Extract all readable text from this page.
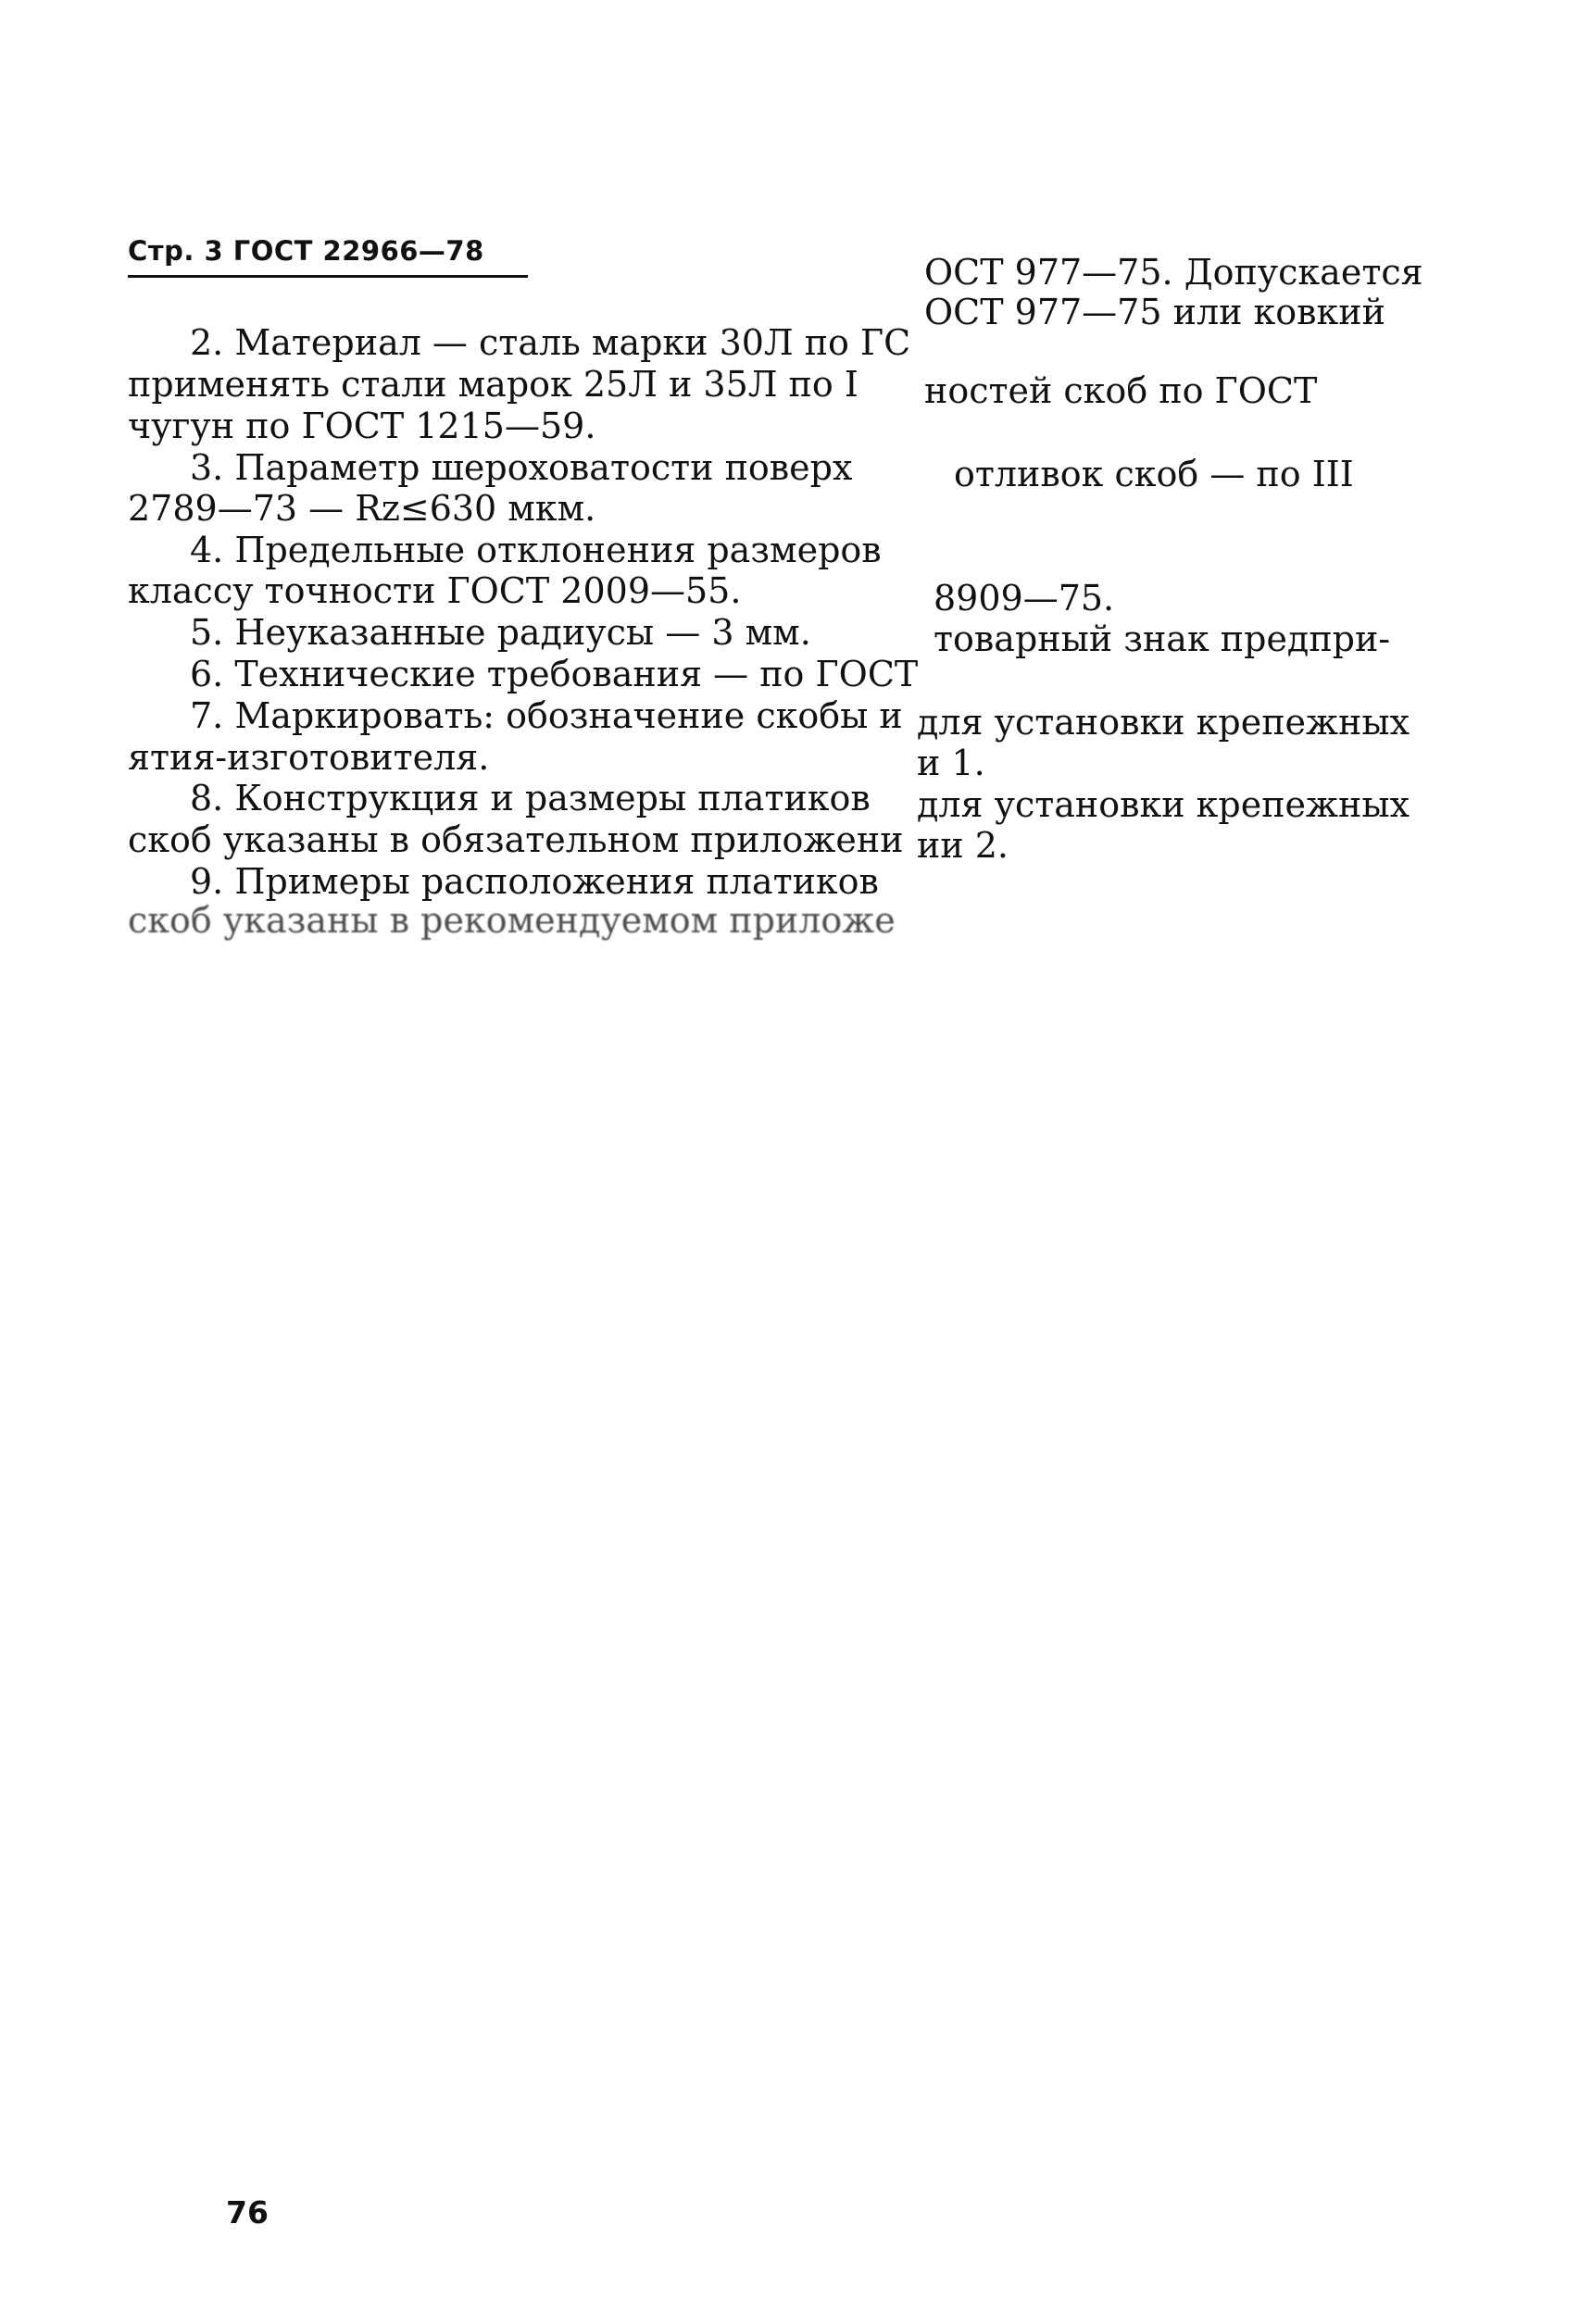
Стр. 3 ГОСТ 22966—78
2. Материал — сталь марки 30Л по ГС
применять стали марок 25Л и 35Л по І
чугун по ГОСТ 1215—59.
3. Параметр шероховатости поверх
2789—73 — Rz≤630 мкм.
4. Предельные отклонения размеров
классу точности ГОСТ 2009—55.
5. Неуказанные радиусы — 3 мм.
6. Технические требования — по ГОСТ
7. Маркировать: обозначение скобы и
ятия-изготовителя.
8. Конструкция и размеры платиков
скоб указаны в обязательном приложени
9. Примеры расположения платиков
скоб указаны в рекомендуемом приложе
ОСТ 977—75. Допускается
ОСТ 977—75 или ковкий
ностей скоб по ГОСТ
отливок скоб — по III
8909—75.
товарный знак предпри-
для установки крепежных
и 1.
для установки крепежных
ии 2.
76
